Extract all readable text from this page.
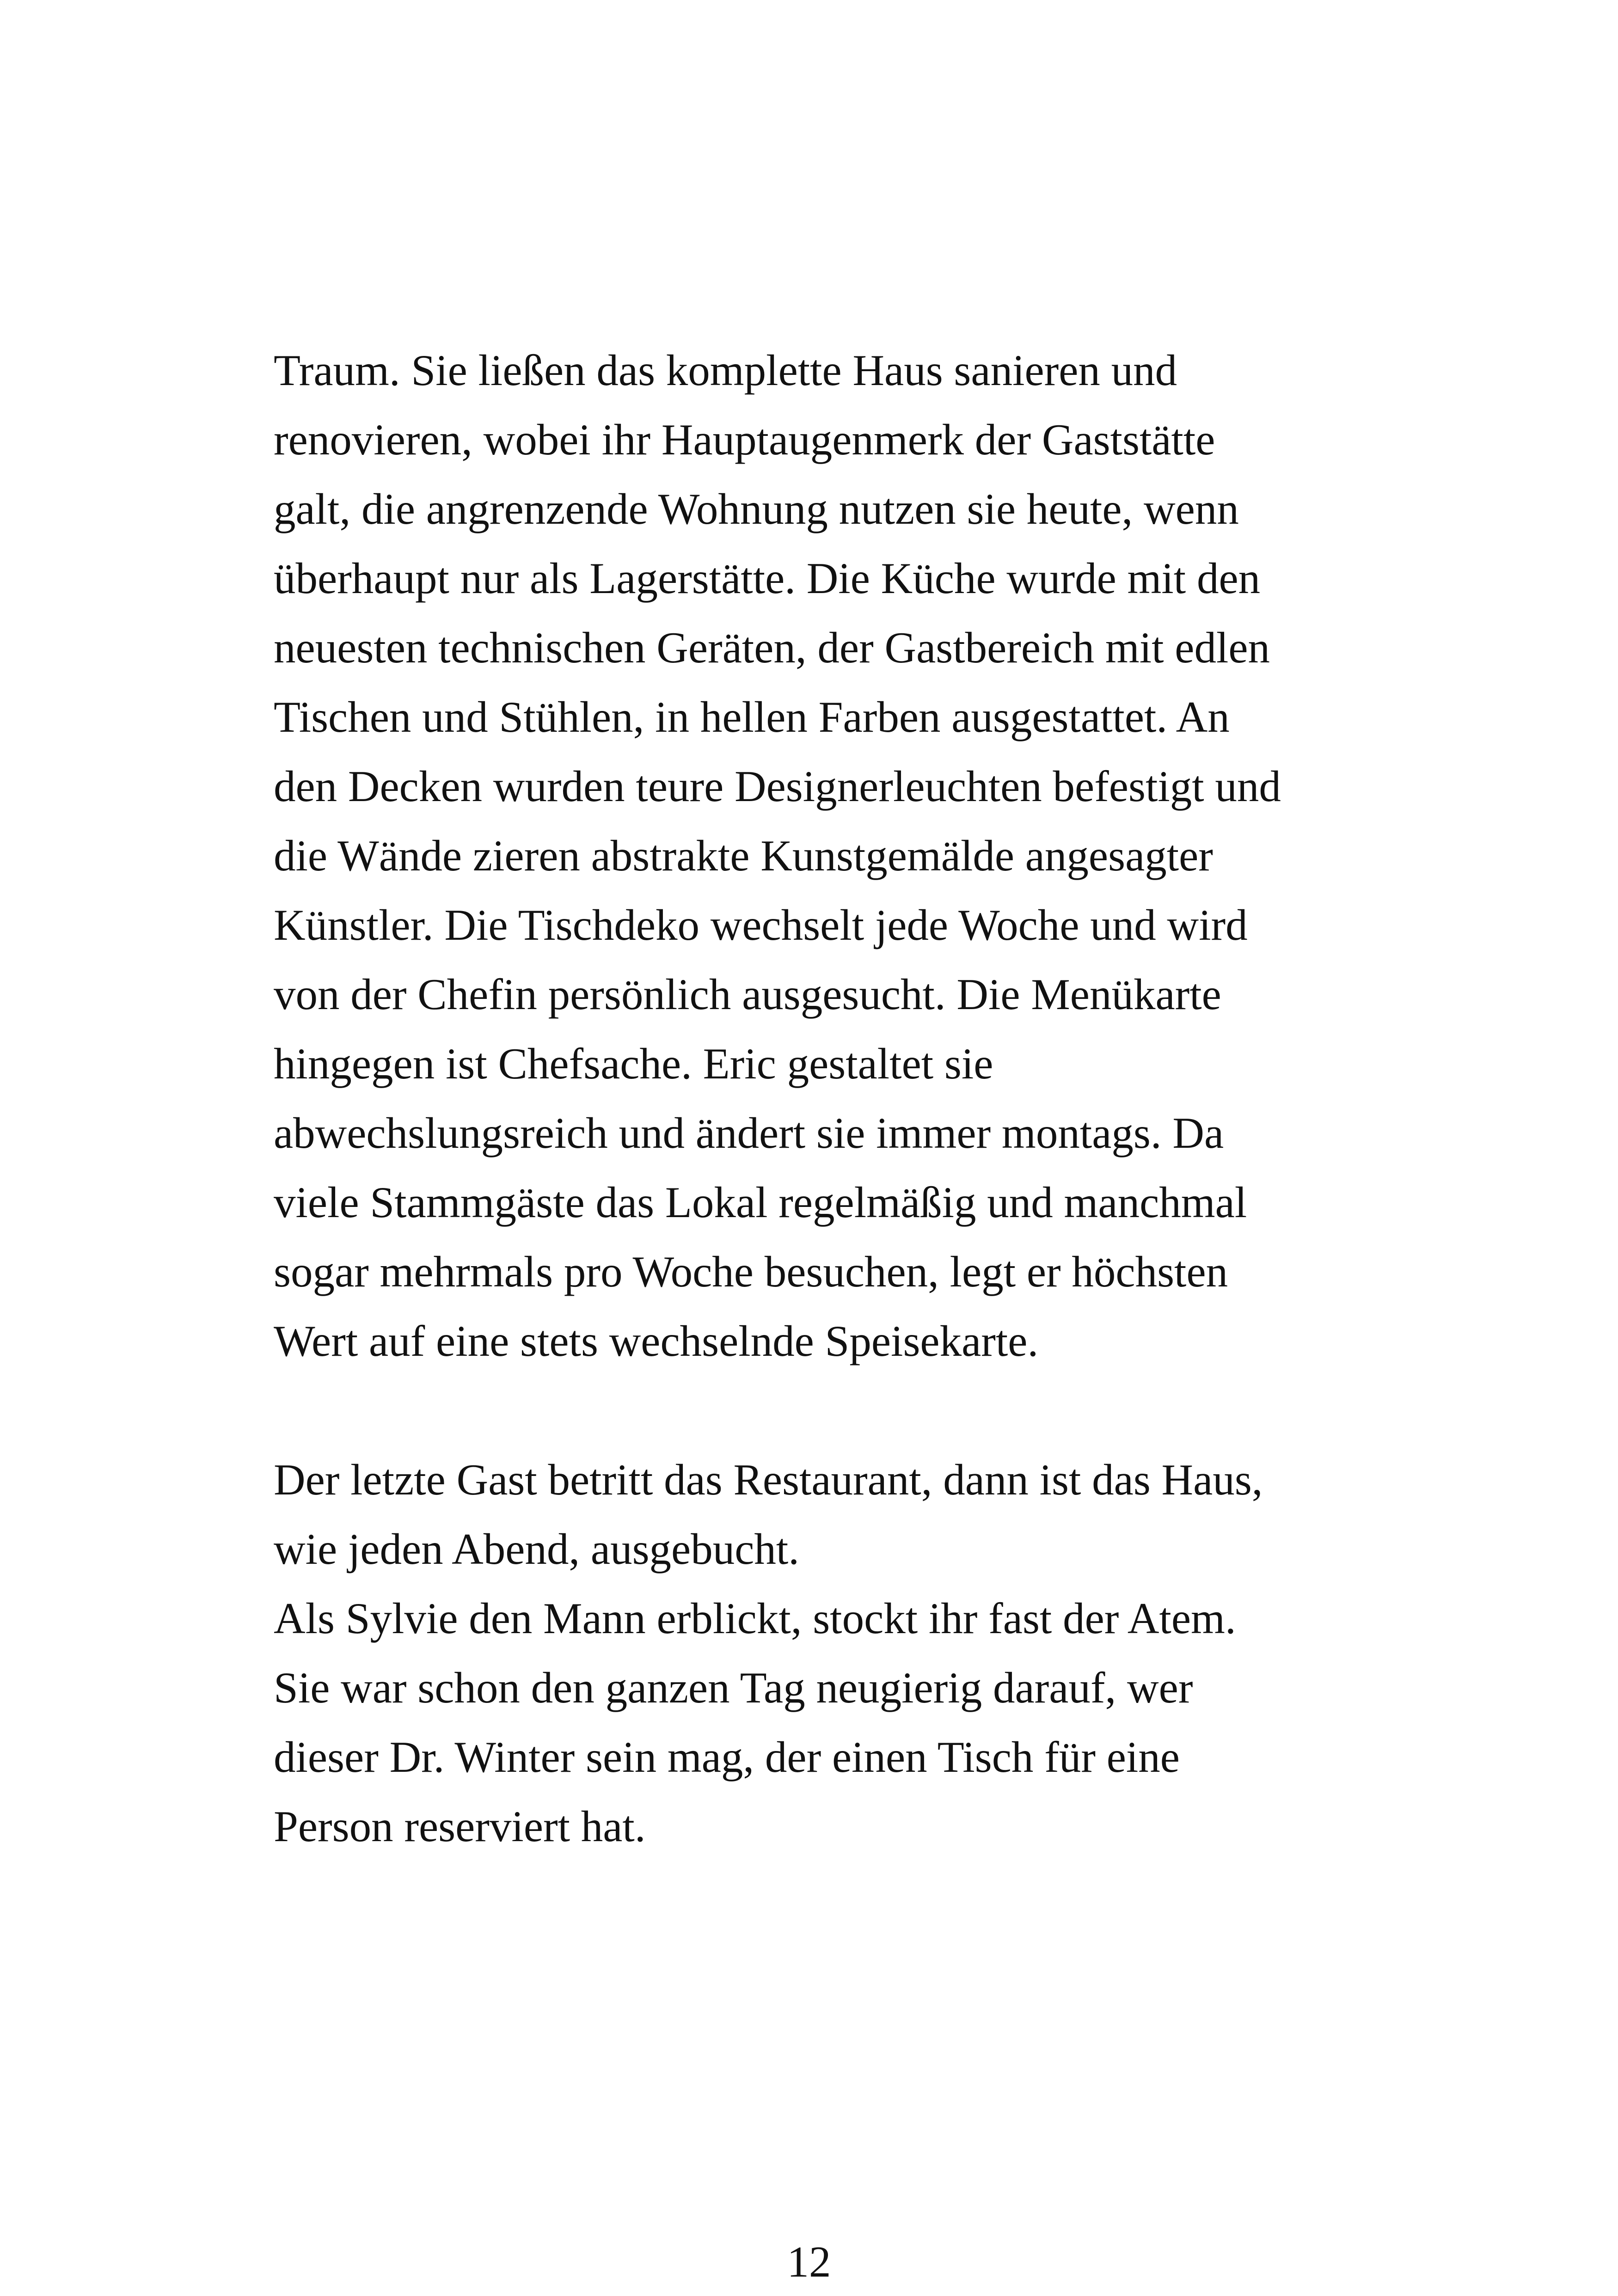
Traum. Sie ließen das komplette Haus sanieren und
renovieren, wobei ihr Hauptaugenmerk der Gaststätte
galt, die angrenzende Wohnung nutzen sie heute, wenn
überhaupt nur als Lagerstätte. Die Küche wurde mit den
neuesten technischen Geräten, der Gastbereich mit edlen
Tischen und Stühlen, in hellen Farben ausgestattet. An
den Decken wurden teure Designerleuchten befestigt und
die Wände zieren abstrakte Kunstgemälde angesagter
Künstler. Die Tischdeko wechselt jede Woche und wird
von der Chefin persönlich ausgesucht. Die Menükarte
hingegen ist Chefsache. Eric gestaltet sie
abwechslungsreich und ändert sie immer montags. Da
viele Stammgäste das Lokal regelmäßig und manchmal
sogar mehrmals pro Woche besuchen, legt er höchsten
Wert auf eine stets wechselnde Speisekarte.
Der letzte Gast betritt das Restaurant, dann ist das Haus,
wie jeden Abend, ausgebucht.
Als Sylvie den Mann erblickt, stockt ihr fast der Atem.
Sie war schon den ganzen Tag neugierig darauf, wer
dieser Dr. Winter sein mag, der einen Tisch für eine
Person reserviert hat.
12
